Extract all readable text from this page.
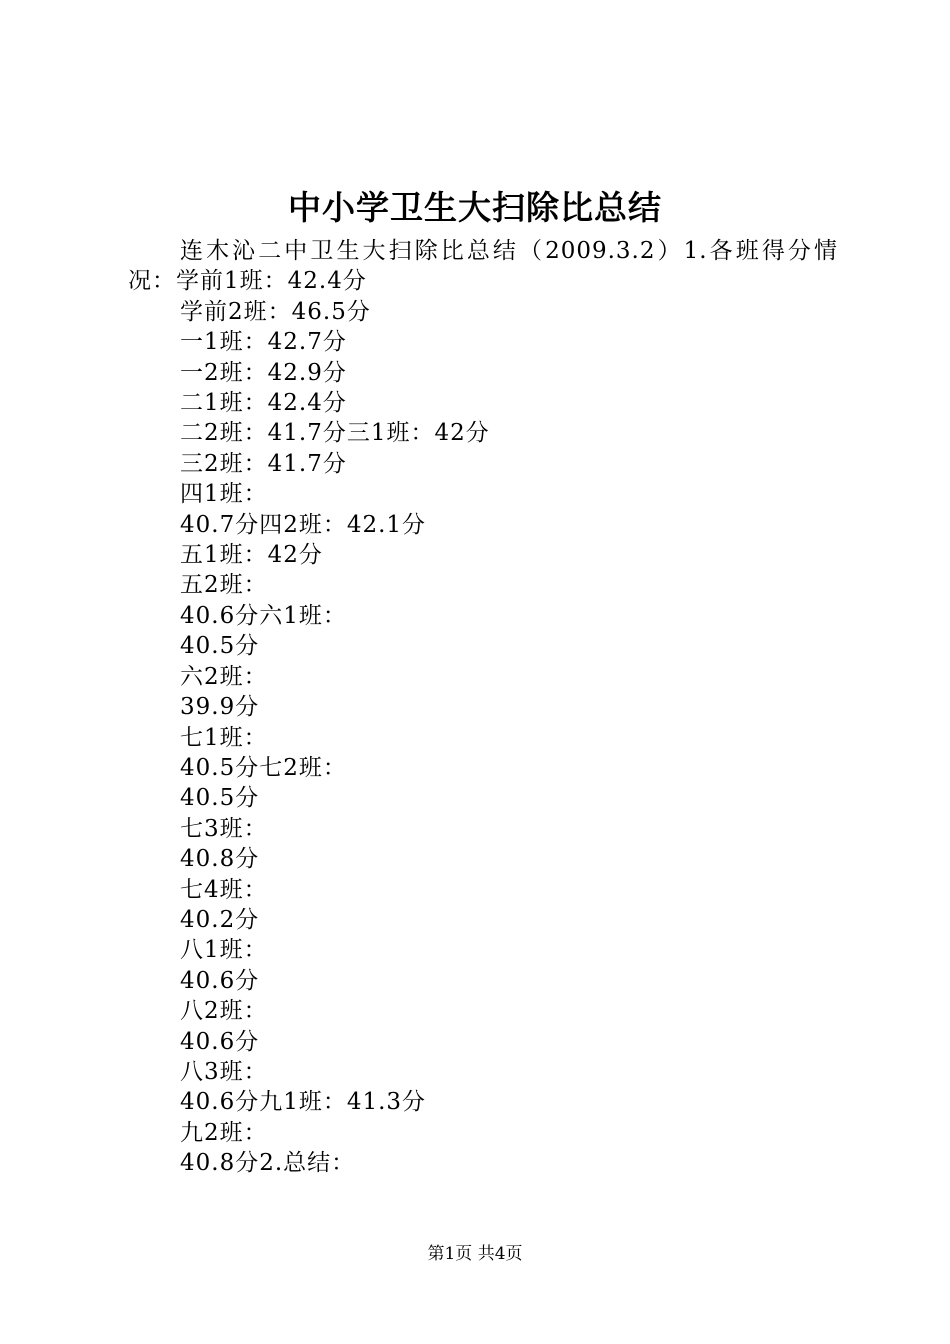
中小学卫生大扫除比总结

连木沁二中卫生大扫除比总结（2009.3.2）1.各班得分情况：学前1班：42.4分

学前2班：46.5分

一1班：42.7分

一2班：42.9分

二1班：42.4分

二2班：41.7分三1班：42分

三2班：41.7分

四1班：

40.7分四2班：42.1分

五1班：42分

五2班：

40.6分六1班：

40.5分

六2班：

39.9分

七1班：

40.5分七2班：

40.5分

七3班：

40.8分

七4班：

40.2分

八1班：

40.6分

八2班：

40.6分

八3班：

40.6分九1班：41.3分

九2班：

40.8分2.总结：

第1页 共4页
